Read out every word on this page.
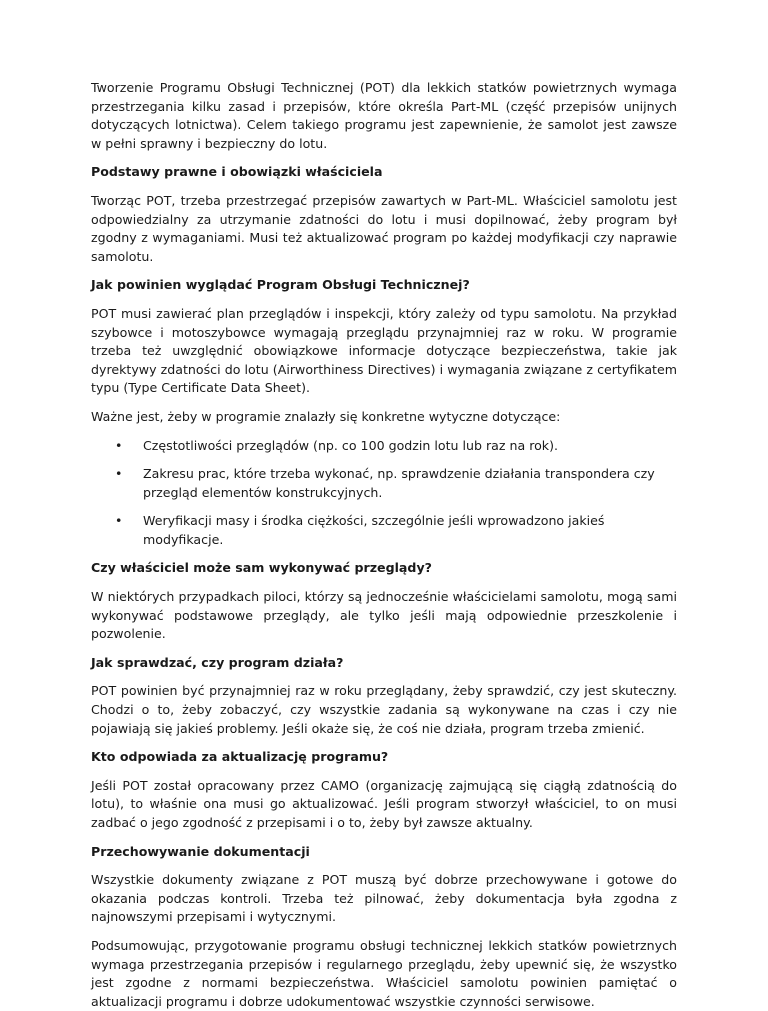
Tworzenie Programu Obsługi Technicznej (POT) dla lekkich statków powietrznych wymaga przestrzegania kilku zasad i przepisów, które określa Part-ML (część przepisów unijnych dotyczących lotnictwa). Celem takiego programu jest zapewnienie, że samolot jest zawsze w pełni sprawny i bezpieczny do lotu.

Podstawy prawne i obowiązki właściciela

Tworząc POT, trzeba przestrzegać przepisów zawartych w Part-ML. Właściciel samolotu jest odpowiedzialny za utrzymanie zdatności do lotu i musi dopilnować, żeby program był zgodny z wymaganiami. Musi też aktualizować program po każdej modyfikacji czy naprawie samolotu.

Jak powinien wyglądać Program Obsługi Technicznej?

POT musi zawierać plan przeglądów i inspekcji, który zależy od typu samolotu. Na przykład szybowce i motoszybowce wymagają przeglądu przynajmniej raz w roku. W programie trzeba też uwzględnić obowiązkowe informacje dotyczące bezpieczeństwa, takie jak dyrektywy zdatności do lotu (Airworthiness Directives) i wymagania związane z certyfikatem typu (Type Certificate Data Sheet).

Ważne jest, żeby w programie znalazły się konkretne wytyczne dotyczące:

• Częstotliwości przeglądów (np. co 100 godzin lotu lub raz na rok).
• Zakresu prac, które trzeba wykonać, np. sprawdzenie działania transpondera czy przegląd elementów konstrukcyjnych.
• Weryfikacji masy i środka ciężkości, szczególnie jeśli wprowadzono jakieś modyfikacje.
Czy właściciel może sam wykonywać przeglądy?

W niektórych przypadkach piloci, którzy są jednocześnie właścicielami samolotu, mogą sami wykonywać podstawowe przeglądy, ale tylko jeśli mają odpowiednie przeszkolenie i pozwolenie.

Jak sprawdzać, czy program działa?

POT powinien być przynajmniej raz w roku przeglądany, żeby sprawdzić, czy jest skuteczny. Chodzi o to, żeby zobaczyć, czy wszystkie zadania są wykonywane na czas i czy nie pojawiają się jakieś problemy. Jeśli okaże się, że coś nie działa, program trzeba zmienić.

Kto odpowiada za aktualizację programu?

Jeśli POT został opracowany przez CAMO (organizację zajmującą się ciągłą zdatnością do lotu), to właśnie ona musi go aktualizować. Jeśli program stworzył właściciel, to on musi zadbać o jego zgodność z przepisami i o to, żeby był zawsze aktualny.

Przechowywanie dokumentacji

Wszystkie dokumenty związane z POT muszą być dobrze przechowywane i gotowe do okazania podczas kontroli. Trzeba też pilnować, żeby dokumentacja była zgodna z najnowszymi przepisami i wytycznymi.

Podsumowując, przygotowanie programu obsługi technicznej lekkich statków powietrznych wymaga przestrzegania przepisów i regularnego przeglądu, żeby upewnić się, że wszystko jest zgodne z normami bezpieczeństwa. Właściciel samolotu powinien pamiętać o aktualizacji programu i dobrze udokumentować wszystkie czynności serwisowe.
